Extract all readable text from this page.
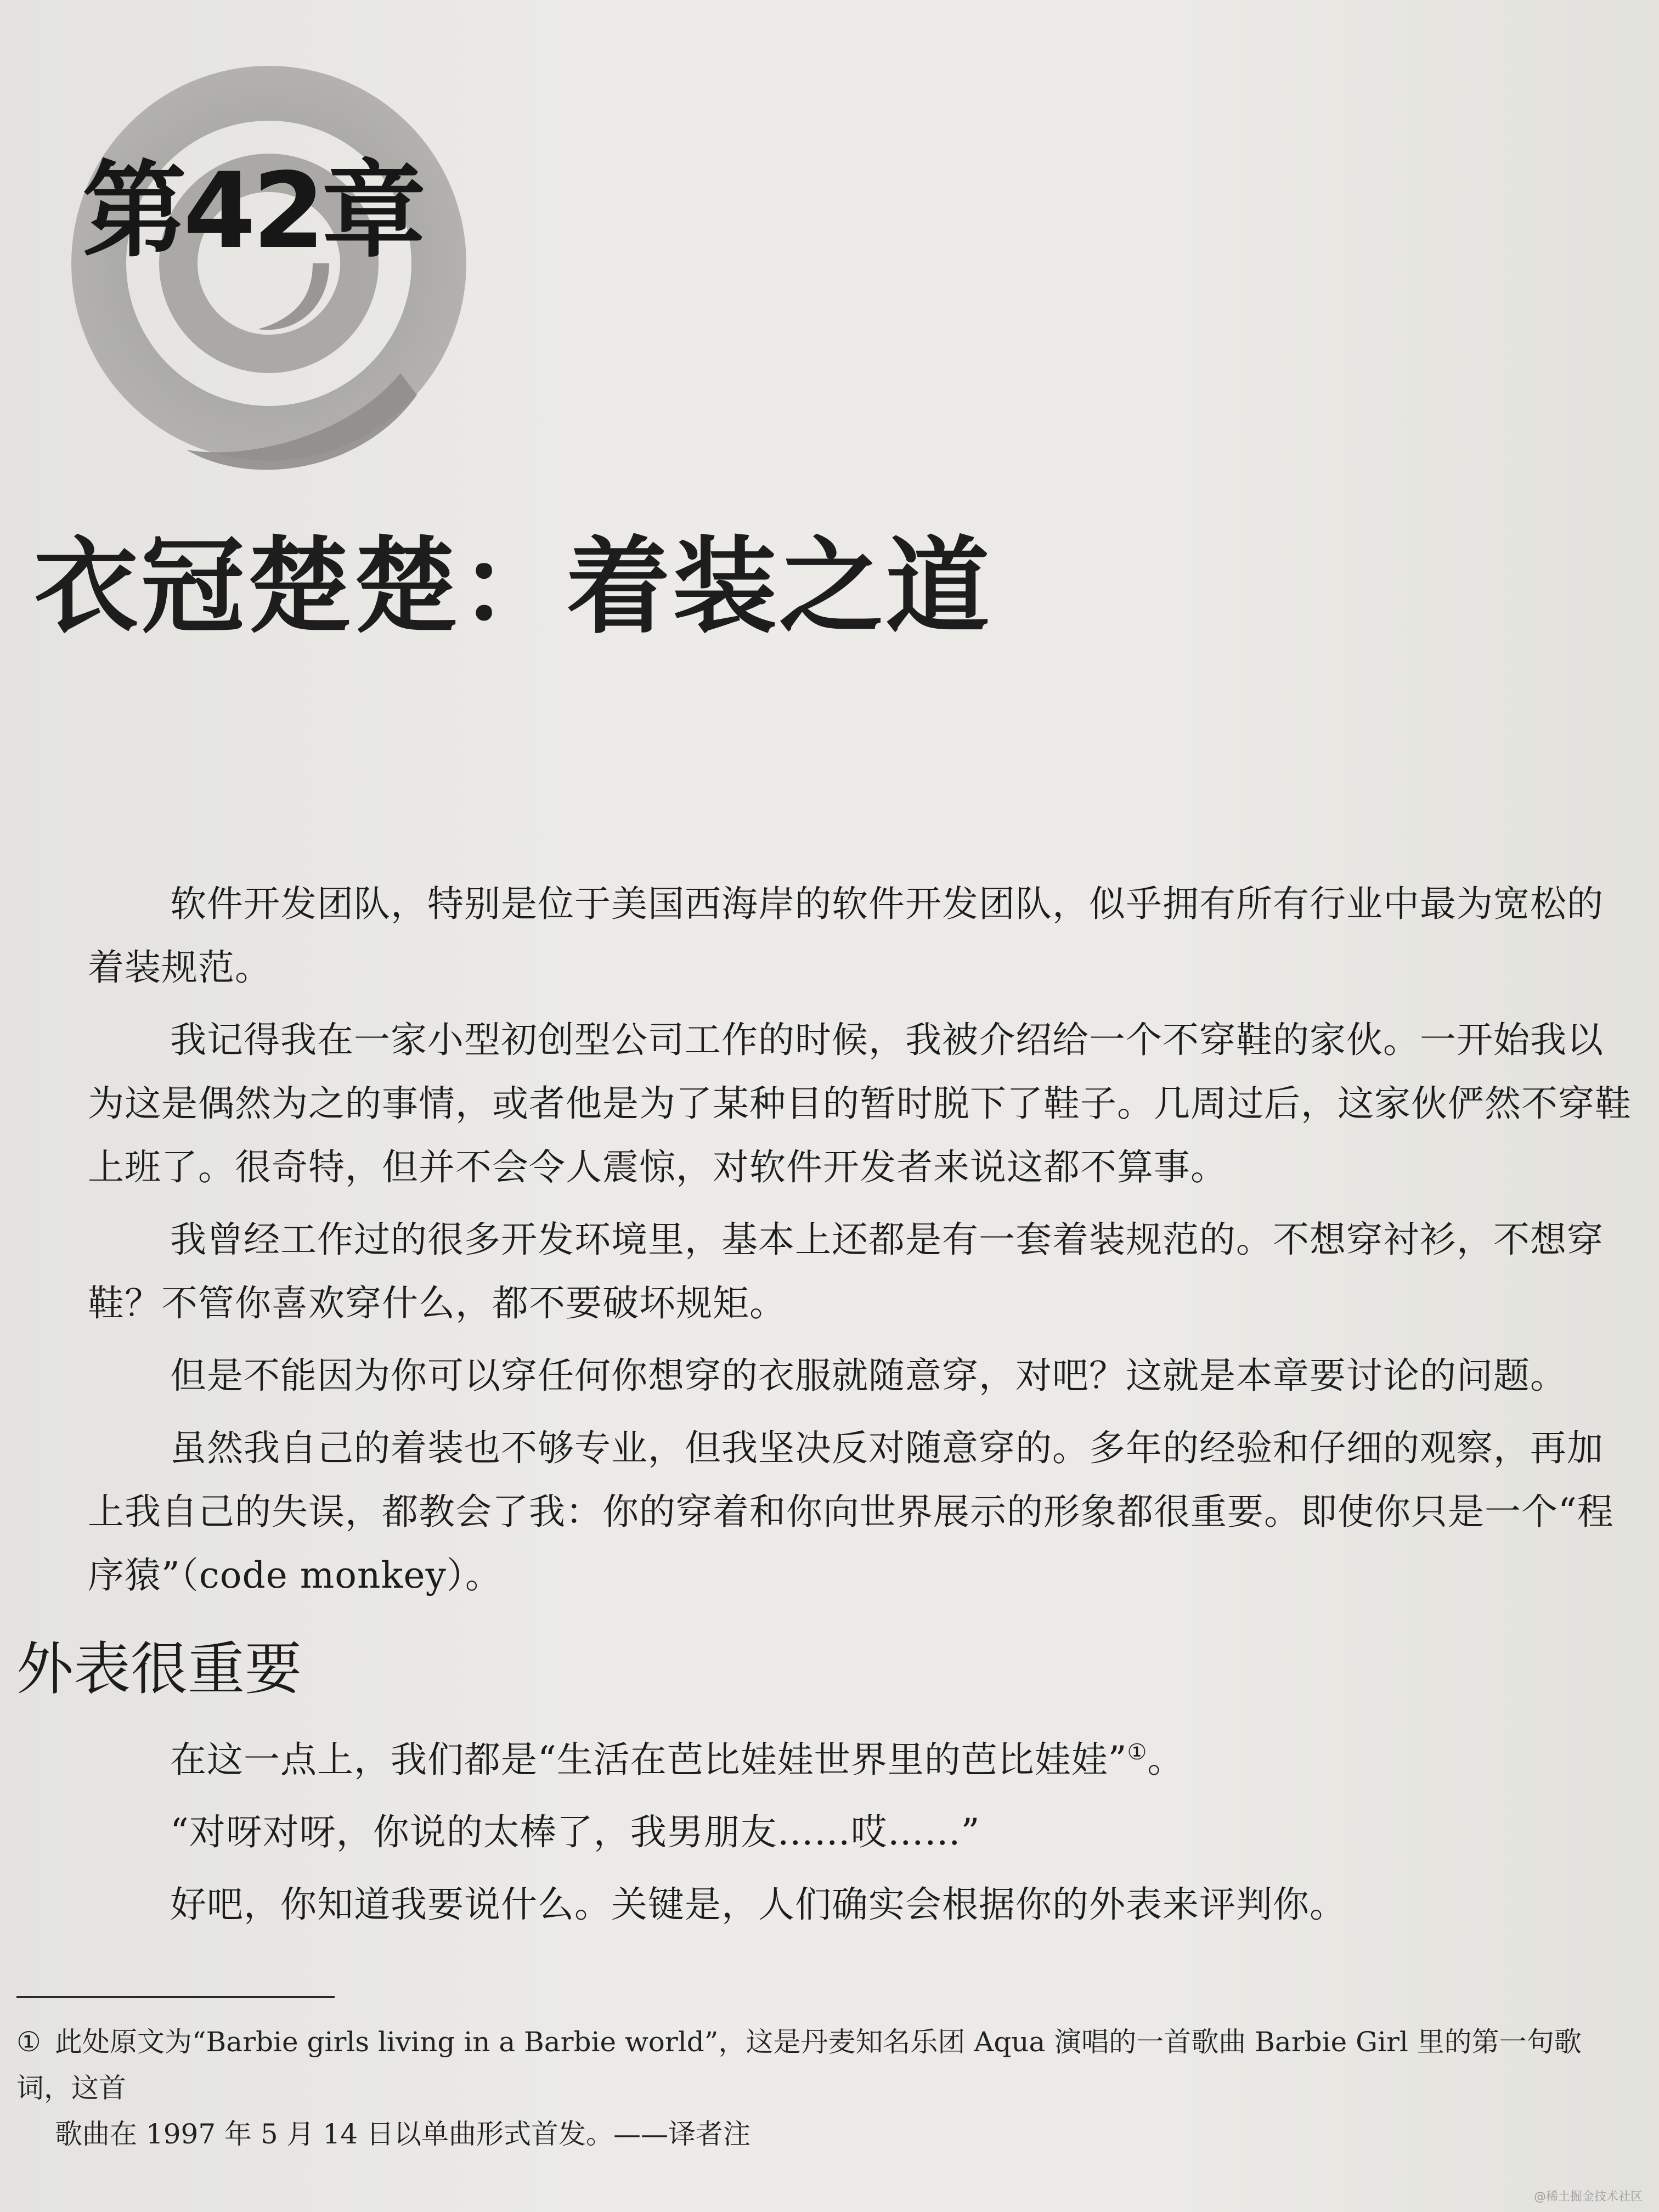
第42章
衣冠楚楚：着装之道

软件开发团队，特别是位于美国西海岸的软件开发团队，似乎拥有所有行业中最为宽松的着装规范。

我记得我在一家小型初创型公司工作的时候，我被介绍给一个不穿鞋的家伙。一开始我以为这是偶然为之的事情，或者他是为了某种目的暂时脱下了鞋子。几周过后，这家伙俨然不穿鞋上班了。很奇特，但并不会令人震惊，对软件开发者来说这都不算事。

我曾经工作过的很多开发环境里，基本上还都是有一套着装规范的。不想穿衬衫，不想穿鞋？不管你喜欢穿什么，都不要破坏规矩。

但是不能因为你可以穿任何你想穿的衣服就随意穿，对吧？这就是本章要讨论的问题。

虽然我自己的着装也不够专业，但我坚决反对随意穿的。多年的经验和仔细的观察，再加上我自己的失误，都教会了我：你的穿着和你向世界展示的形象都很重要。即使你只是一个“程序猿”（code monkey）。

外表很重要

在这一点上，我们都是“生活在芭比娃娃世界里的芭比娃娃”①。

“对呀对呀，你说的太棒了，我男朋友……哎……”

好吧，你知道我要说什么。关键是，人们确实会根据你的外表来评判你。

① 此处原文为“Barbie girls living in a Barbie world”，这是丹麦知名乐团 Aqua 演唱的一首歌曲 Barbie Girl 里的第一句歌词，这首
歌曲在 1997 年 5 月 14 日以单曲形式首发。——译者注
@稀土掘金技术社区
